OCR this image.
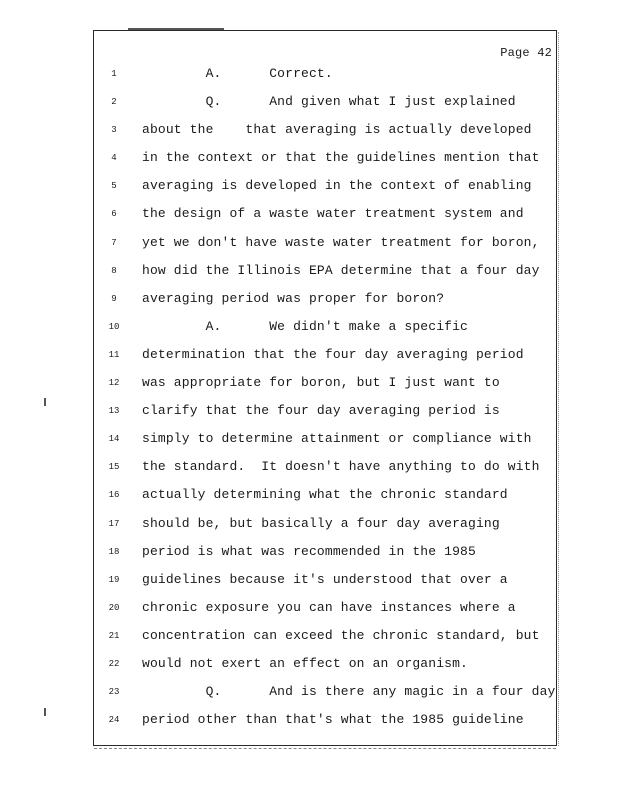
Page 42
1	A.      Correct.
2	Q.      And given what I just explained
3	about the    that averaging is actually developed
4	in the context or that the guidelines mention that
5	averaging is developed in the context of enabling
6	the design of a waste water treatment system and
7	yet we don't have waste water treatment for boron,
8	how did the Illinois EPA determine that a four day
9	averaging period was proper for boron?
10	A.      We didn't make a specific
11	determination that the four day averaging period
12	was appropriate for boron, but I just want to
13	clarify that the four day averaging period is
14	simply to determine attainment or compliance with
15	the standard.  It doesn't have anything to do with
16	actually determining what the chronic standard
17	should be, but basically a four day averaging
18	period is what was recommended in the 1985
19	guidelines because it's understood that over a
20	chronic exposure you can have instances where a
21	concentration can exceed the chronic standard, but
22	would not exert an effect on an organism.
23	Q.      And is there any magic in a four day
24	period other than that's what the 1985 guideline
